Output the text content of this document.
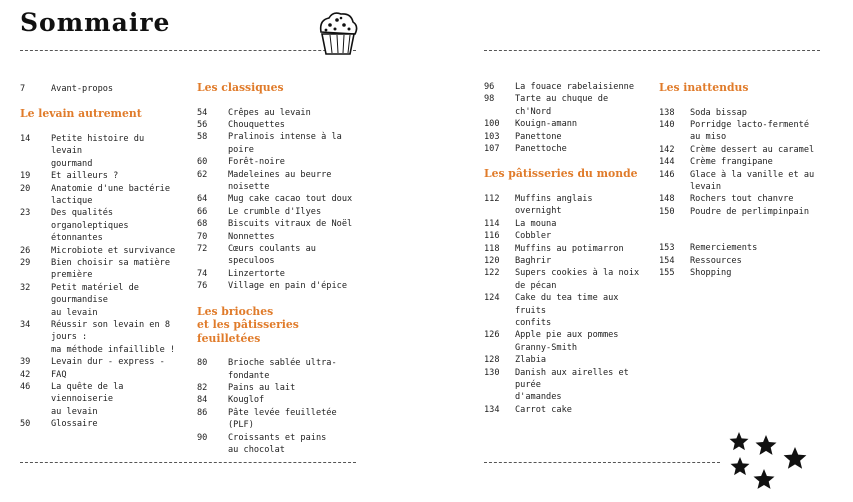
Sommaire
7	Avant-propos
Le levain autrement
14	Petite histoire du levain
gourmand
19	Et ailleurs ?
20	Anatomie d'une bactérie
lactique
23	Des qualités organoleptiques
étonnantes
26	Microbiote et survivance
29	Bien choisir sa matière
première
32	Petit matériel de gourmandise
au levain
34	Réussir son levain en 8 jours :
ma méthode infaillible !
39	Levain dur - express -
42	FAQ
46	La quête de la viennoiserie
au levain
50	Glossaire
Les classiques
54	Crêpes au levain
56	Chouquettes
58	Pralinois intense à la poire
60	Forêt-noire
62	Madeleines au beurre noisette
64	Mug cake cacao tout doux
66	Le crumble d'Ilyes
68	Biscuits vitraux de Noël
70	Nonnettes
72	Cœurs coulants au speculoos
74	Linzertorte
76	Village en pain d'épice
Les brioches
et les pâtisseries
feuilletées
80	Brioche sablée ultra-fondante
82	Pains au lait
84	Kouglof
86	Pâte levée feuilletée (PLF)
90	Croissants et pains
au chocolat
96	La fouace rabelaisienne
98	Tarte au chuque de ch'Nord
100	Kouign-amann
103	Panettone
107	Panettoche
Les pâtisseries du monde
112	Muffins anglais overnight
114	La mouna
116	Cobbler
118	Muffins au potimarron
120	Baghrir
122	Supers cookies à la noix
de pécan
124	Cake du tea time aux fruits
confits
126	Apple pie aux pommes
Granny-Smith
128	Zlabia
130	Danish aux airelles et purée
d'amandes
134	Carrot cake
Les inattendus
138	Soda bissap
140	Porridge lacto-fermenté
au miso
142	Crème dessert au caramel
144	Crème frangipane
146	Glace à la vanille et au levain
148	Rochers tout chanvre
150	Poudre de perlimpinpain
153	Remerciements
154	Ressources
155	Shopping
